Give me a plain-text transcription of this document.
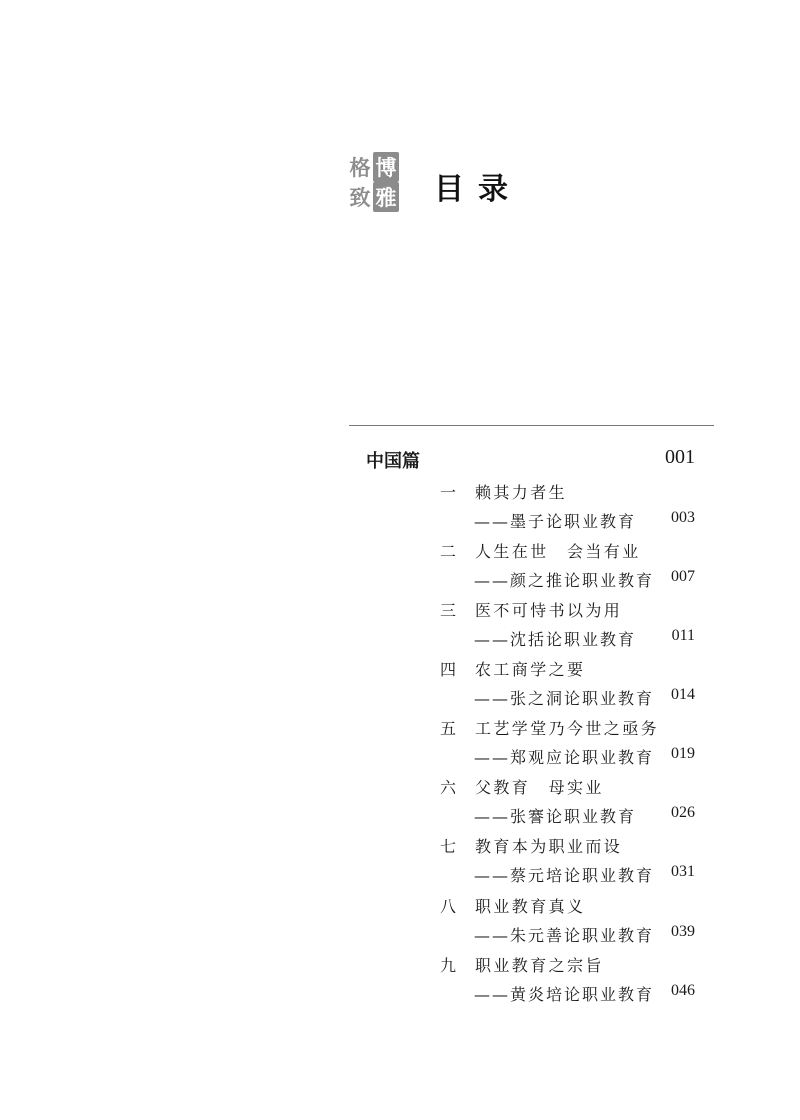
格 博
致 雅 目录
中国篇	001
一 赖其力者生
——墨子论职业教育	003
二 人生在世　会当有业
——颜之推论职业教育	007
三 医不可恃书以为用
——沈括论职业教育	011
四 农工商学之要
——张之洞论职业教育	014
五 工艺学堂乃今世之亟务
——郑观应论职业教育	019
六 父教育　母实业
——张謇论职业教育	026
七 教育本为职业而设
——蔡元培论职业教育	031
八 职业教育真义
——朱元善论职业教育	039
九 职业教育之宗旨
——黄炎培论职业教育	046
